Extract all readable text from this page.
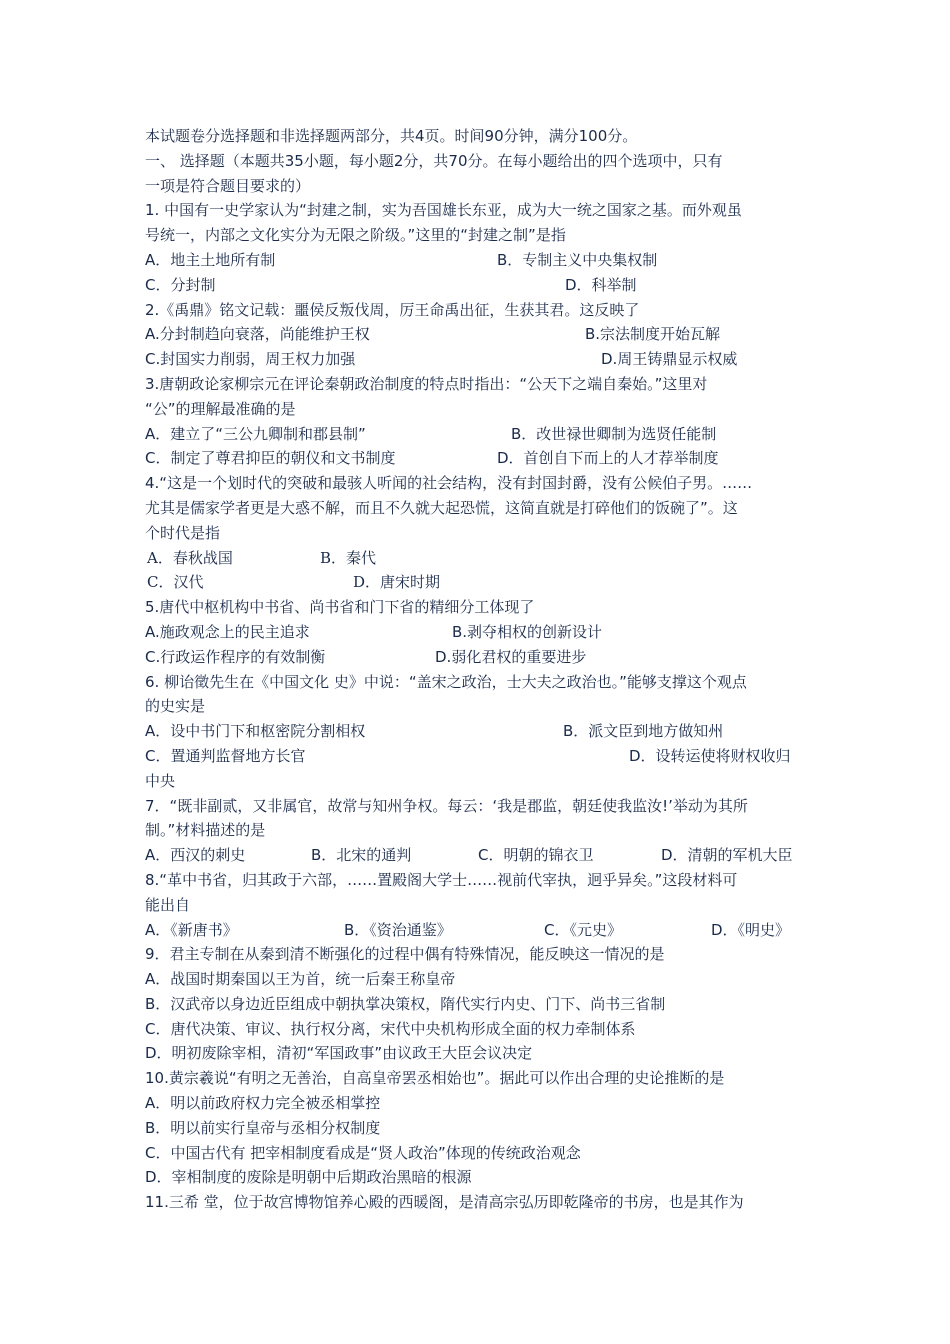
本试题卷分选择题和非选择题两部分，共4页。时间90分钟，满分100分。
一、 选择题（本题共35小题，每小题2分，共70分。在每小题给出的四个选项中，只有
一项是符合题目要求的）
1. 中国有一史学家认为“封建之制，实为吾国雄长东亚，成为大一统之国家之基。而外观虽
号统一，内部之文化实分为无限之阶级。”这里的“封建之制”是指
A．地主土地所有制	B．专制主义中央集权制
C．分封制	D．科举制
2.《禹鼎》铭文记载：噩侯反叛伐周，厉王命禹出征，生获其君。这反映了
A.分封制趋向衰落，尚能维护王权	B.宗法制度开始瓦解
C.封国实力削弱，周王权力加强	D.周王铸鼎显示权威
3.唐朝政论家柳宗元在评论秦朝政治制度的特点时指出：“公天下之端自秦始。”这里对
“公”的理解最准确的是
A．建立了“三公九卿制和郡县制”	B．改世禄世卿制为选贤任能制
C．制定了尊君抑臣的朝仪和文书制度	D．首创自下而上的人才荐举制度
4.“这是一个划时代的突破和最骇人听闻的社会结构，没有封国封爵，没有公候伯子男。……
尤其是儒家学者更是大惑不解，而且不久就大起恐慌，这简直就是打碎他们的饭碗了”。这
个时代是指
A．春秋战国	B．秦代
C．汉代	D．唐宋时期
5.唐代中枢机构中书省、尚书省和门下省的精细分工体现了
A.施政观念上的民主追求	B.剥夺相权的创新设计
C.行政运作程序的有效制衡	D.弱化君权的重要进步
6. 柳诒徵先生在《中国文化 史》中说：“盖宋之政治，士大夫之政治也。”能够支撑这个观点
的史实是
A．设中书门下和枢密院分割相权	B．派文臣到地方做知州
C．置通判监督地方长官	D．设转运使将财权收归
中央
7．“既非副贰，又非属官，故常与知州争权。每云：‘我是郡监，朝廷使我监汝!’举动为其所
制。”材料描述的是
A．西汉的刺史	B．北宋的通判	C．明朝的锦衣卫	D．清朝的军机大臣
8.“革中书省，归其政于六部，……置殿阁大学士……视前代宰执，迥乎异矣。”这段材料可
能出自
A．《新唐书》	B．《资治通鉴》	C．《元史》	D．《明史》
9．君主专制在从秦到清不断强化的过程中偶有特殊情况，能反映这一情况的是
A．战国时期秦国以王为首，统一后秦王称皇帝
B．汉武帝以身边近臣组成中朝执掌决策权，隋代实行内史、门下、尚书三省制
C．唐代决策、审议、执行权分离，宋代中央机构形成全面的权力牵制体系
D．明初废除宰相，清初“军国政事”由议政王大臣会议决定
10.黄宗羲说“有明之无善治，自高皇帝罢丞相始也”。据此可以作出合理的史论推断的是
A．明以前政府权力完全被丞相掌控
B．明以前实行皇帝与丞相分权制度
C．中国古代有 把宰相制度看成是“贤人政治”体现的传统政治观念
D．宰相制度的废除是明朝中后期政治黑暗的根源
11.三希 堂，位于故宫博物馆养心殿的西暖阁，是清高宗弘历即乾隆帝的书房，也是其作为
